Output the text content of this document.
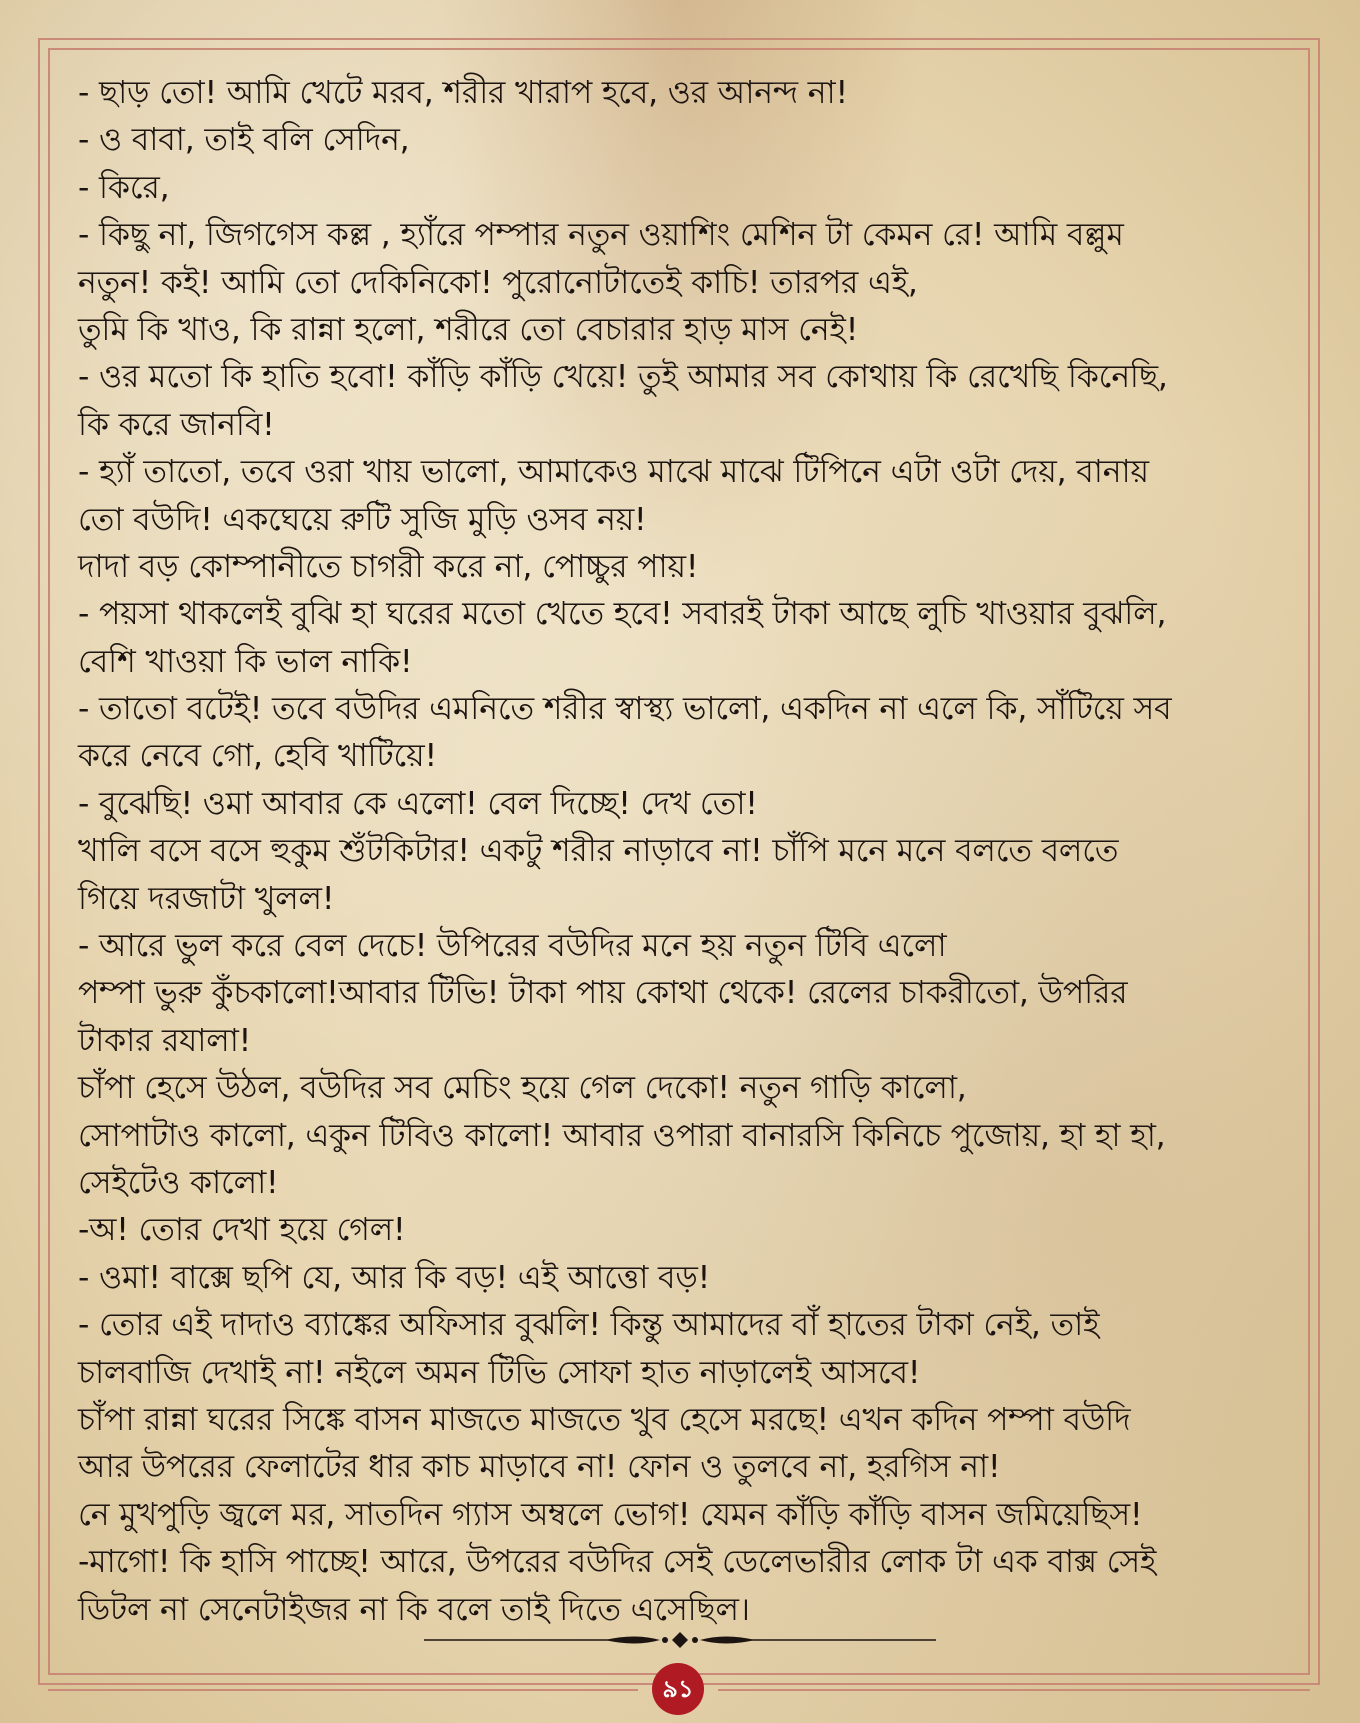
- ছাড় তো! আমি খেটে মরব, শরীর খারাপ হবে, ওর আনন্দ না!
- ও বাবা, তাই বলি সেদিন,
- কিরে,
- কিছু না, জিগগেস কল্ল , হ্যাঁরে পম্পার নতুন ওয়াশিং মেশিন টা কেমন রে! আমি বল্লুম
নতুন! কই! আমি তো দেকিনিকো! পুরোনোটাতেই কাচি! তারপর এই,
তুমি কি খাও, কি রান্না হলো, শরীরে তো বেচারার হাড় মাস নেই!
- ওর মতো কি হাতি হবো! কাঁড়ি কাঁড়ি খেয়ে! তুই আমার সব কোথায় কি রেখেছি কিনেছি,
কি করে জানবি!
- হ্যাঁ তাতো, তবে ওরা খায় ভালো, আমাকেও মাঝে মাঝে টিপিনে এটা ওটা দেয়, বানায়
তো বউদি! একঘেয়ে রুটি সুজি মুড়ি ওসব নয়!
দাদা বড় কোম্পানীতে চাগরী করে না, পোচ্চুর পায়!
- পয়সা থাকলেই বুঝি হা ঘরের মতো খেতে হবে! সবারই টাকা আছে লুচি খাওয়ার বুঝলি,
বেশি খাওয়া কি ভাল নাকি!
- তাতো বটেই! তবে বউদির এমনিতে শরীর স্বাস্থ্য ভালো, একদিন না এলে কি, সাঁটিয়ে সব
করে নেবে গো, হেবি খাটিয়ে!
- বুঝেছি! ওমা আবার কে এলো! বেল দিচ্ছে! দেখ তো!
খালি বসে বসে হুকুম শুঁটকিটার! একটু শরীর নাড়াবে না! চাঁপি মনে মনে বলতে বলতে
গিয়ে দরজাটা খুলল!
- আরে ভুল করে বেল দেচে! উপিরের বউদির মনে হয় নতুন টিবি এলো
পম্পা ভুরু কুঁচকালো!আবার টিভি! টাকা পায় কোথা থেকে! রেলের চাকরীতো, উপরির
টাকার রযালা!
চাঁপা হেসে উঠল, বউদির সব মেচিং হয়ে গেল দেকো! নতুন গাড়ি কালো,
সোপাটাও কালো, একুন টিবিও কালো! আবার ওপারা বানারসি কিনিচে পুজোয়, হা হা হা,
সেইটেও কালো!
-অ! তোর দেখা হয়ে গেল!
- ওমা! বাক্সে ছপি যে, আর কি বড়! এই আত্তো বড়!
- তোর এই দাদাও ব্যাঙ্কের অফিসার বুঝলি! কিন্তু আমাদের বাঁ হাতের টাকা নেই, তাই
চালবাজি দেখাই না! নইলে অমন টিভি সোফা হাত নাড়ালেই আসবে!
চাঁপা রান্না ঘরের সিঙ্কে বাসন মাজতে মাজতে খুব হেসে মরছে! এখন কদিন পম্পা বউদি
আর উপরের ফেলাটের ধার কাচ মাড়াবে না! ফোন ও তুলবে না, হরগিস না!
নে মুখপুড়ি জ্বলে মর, সাতদিন গ্যাস অম্বলে ভোগ! যেমন কাঁড়ি কাঁড়ি বাসন জমিয়েছিস!
-মাগো! কি হাসি পাচ্ছে! আরে, উপরের বউদির সেই ডেলেভারীর লোক টা এক বাক্স সেই
ডিটল না সেনেটাইজর না কি বলে তাই দিতে এসেছিল।
৯১
